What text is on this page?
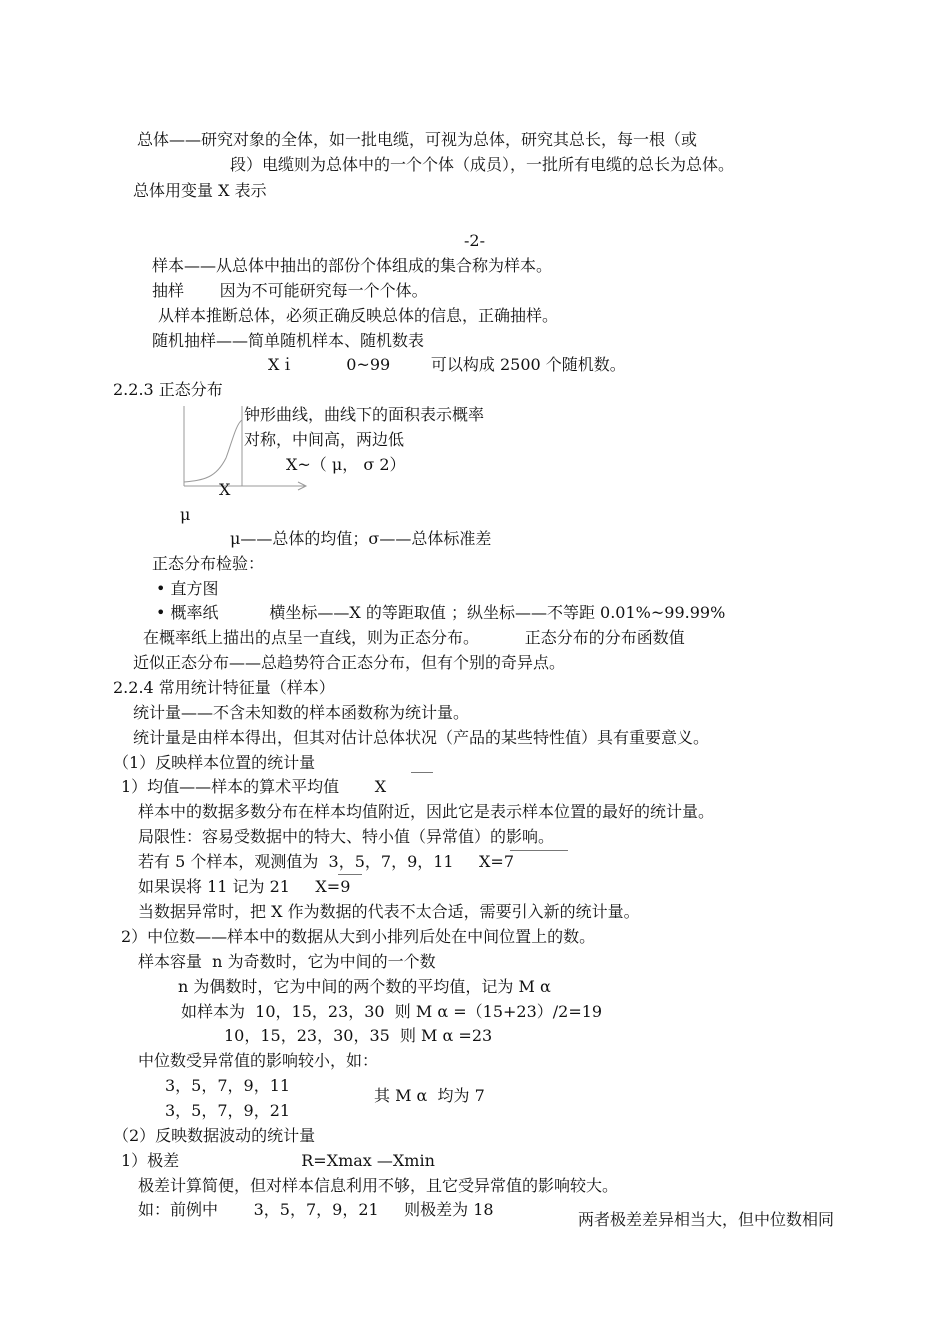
总体——研究对象的全体，如一批电缆，可视为总体，研究其总长，每一根（或
段）电缆则为总体中的一个个体（成员），一批所有电缆的总长为总体。
总体用变量 X 表示
-2-
样本——从总体中抽出的部份个体组成的集合称为样本。
抽样       因为不可能研究每一个个体。
从样本推断总体，必须正确反映总体的信息，正确抽样。
随机抽样——简单随机样本、随机数表
Xｉ          0~99        可以构成 2500 个随机数。
2.2.3 正态分布
钟形曲线，曲线下的面积表示概率
对称，中间高，两边低
X~（ μ， σ 2）
X
μ
μ——总体的均值；σ——总体标准差
正态分布检验：
• 直方图
• 概率纸          横坐标——X 的等距取值 ；纵坐标——不等距 0.01%~99.99%
在概率纸上描出的点呈一直线，则为正态分布。         正态分布的分布函数值
近似正态分布——总趋势符合正态分布，但有个别的奇异点。
2.2.4 常用统计特征量（样本）
统计量——不含未知数的样本函数称为统计量。
统计量是由样本得出，但其对估计总体状况（产品的某些特性值）具有重要意义。
（1）反映样本位置的统计量
1）均值——样本的算术平均值       X
样本中的数据多数分布在样本均值附近，因此它是表示样本位置的最好的统计量。
局限性：容易受数据中的特大、特小值（异常值）的影响。
若有 5 个样本，观测值为  3，5，7，9，11     X=7
如果误将 11 记为 21     X=9
当数据异常时，把 X 作为数据的代表不太合适，需要引入新的统计量。
2）中位数——样本中的数据从大到小排列后处在中间位置上的数。
样本容量  n 为奇数时，它为中间的一个数
n 为偶数时，它为中间的两个数的平均值，记为 M α
如样本为  10，15，23，30  则 M α =（15+23）/2=19
10，15，23，30，35  则 M α =23
中位数受异常值的影响较小，如：
3，5，7，9，11
3，5，7，9，21
其 M α  均为 7
（2）反映数据波动的统计量
1）极差                        R=Xmax —Xmin
极差计算简便，但对样本信息利用不够，且它受异常值的影响较大。
如：前例中       3，5，7，9，21     则极差为 18
两者极差差异相当大，但中位数相同
